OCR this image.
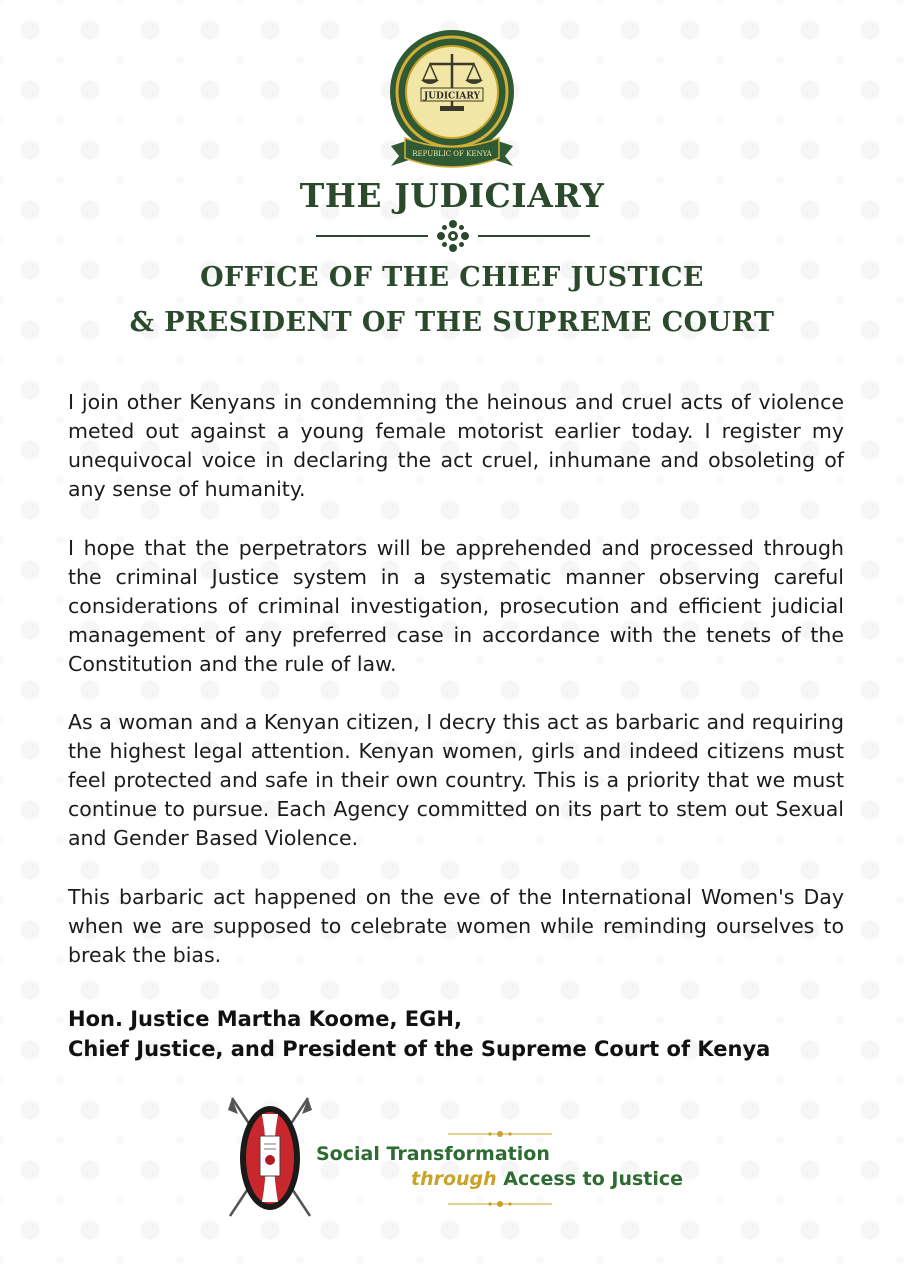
JUDICIARY
REPUBLIC OF KENYA
THE JUDICIARY
OFFICE OF THE CHIEF JUSTICE
& PRESIDENT OF THE SUPREME COURT

I join other Kenyans in condemning the heinous and cruel acts of violence meted out against a young female motorist earlier today. I register my unequivocal voice in declaring the act cruel, inhumane and obsoleting of any sense of humanity.

I hope that the perpetrators will be apprehended and processed through the criminal Justice system in a systematic manner observing careful considerations of criminal investigation, prosecution and efficient judicial management of any preferred case in accordance with the tenets of the Constitution and the rule of law.

As a woman and a Kenyan citizen, I decry this act as barbaric and requiring the highest legal attention. Kenyan women, girls and indeed citizens must feel protected and safe in their own country. This is a priority that we must continue to pursue. Each Agency committed on its part to stem out Sexual and Gender Based Violence.

This barbaric act happened on the eve of the International Women's Day when we are supposed to celebrate women while reminding ourselves to break the bias.

Hon. Justice Martha Koome, EGH,

Chief Justice, and President of the Supreme Court of Kenya

Social Transformation

through Access to Justice
